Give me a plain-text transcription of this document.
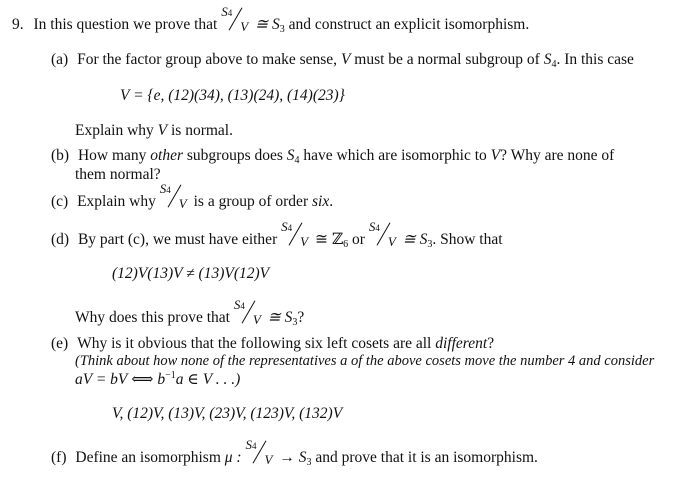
9. In this question we prove that
S4
V ≅ $S_3$ and construct an explicit isomorphism.
(a) For the factor group above to make sense, V must be a normal subgroup of $S_4$. In this case
V = {e, (12)(34), (13)(24), (14)(23)}
Explain why V is normal.
(b) How many other subgroups does $S_4$ have which are isomorphic to V? Why are none of
them normal?
(c) Explain why
S4
V is a group of order six.
(d) By part (c), we must have either
S4
V ≅ ℤ$_6$ or
S4
V ≅ $S_3$. Show that
(12)V(13)V ≠ (13)V(12)V
Why does this prove that
S4
V ≅ $S_3$?
(e) Why is it obvious that the following six left cosets are all different?
(Think about how none of the representatives a of the above cosets move the number 4 and consider
aV = bV ⟺ $b^{-1}a$ ∈ V . . .)
V, (12)V, (13)V, (23)V, (123)V, (132)V
(f) Define an isomorphism μ :
S4
$V \to S_3$ and prove that it is an isomorphism.
